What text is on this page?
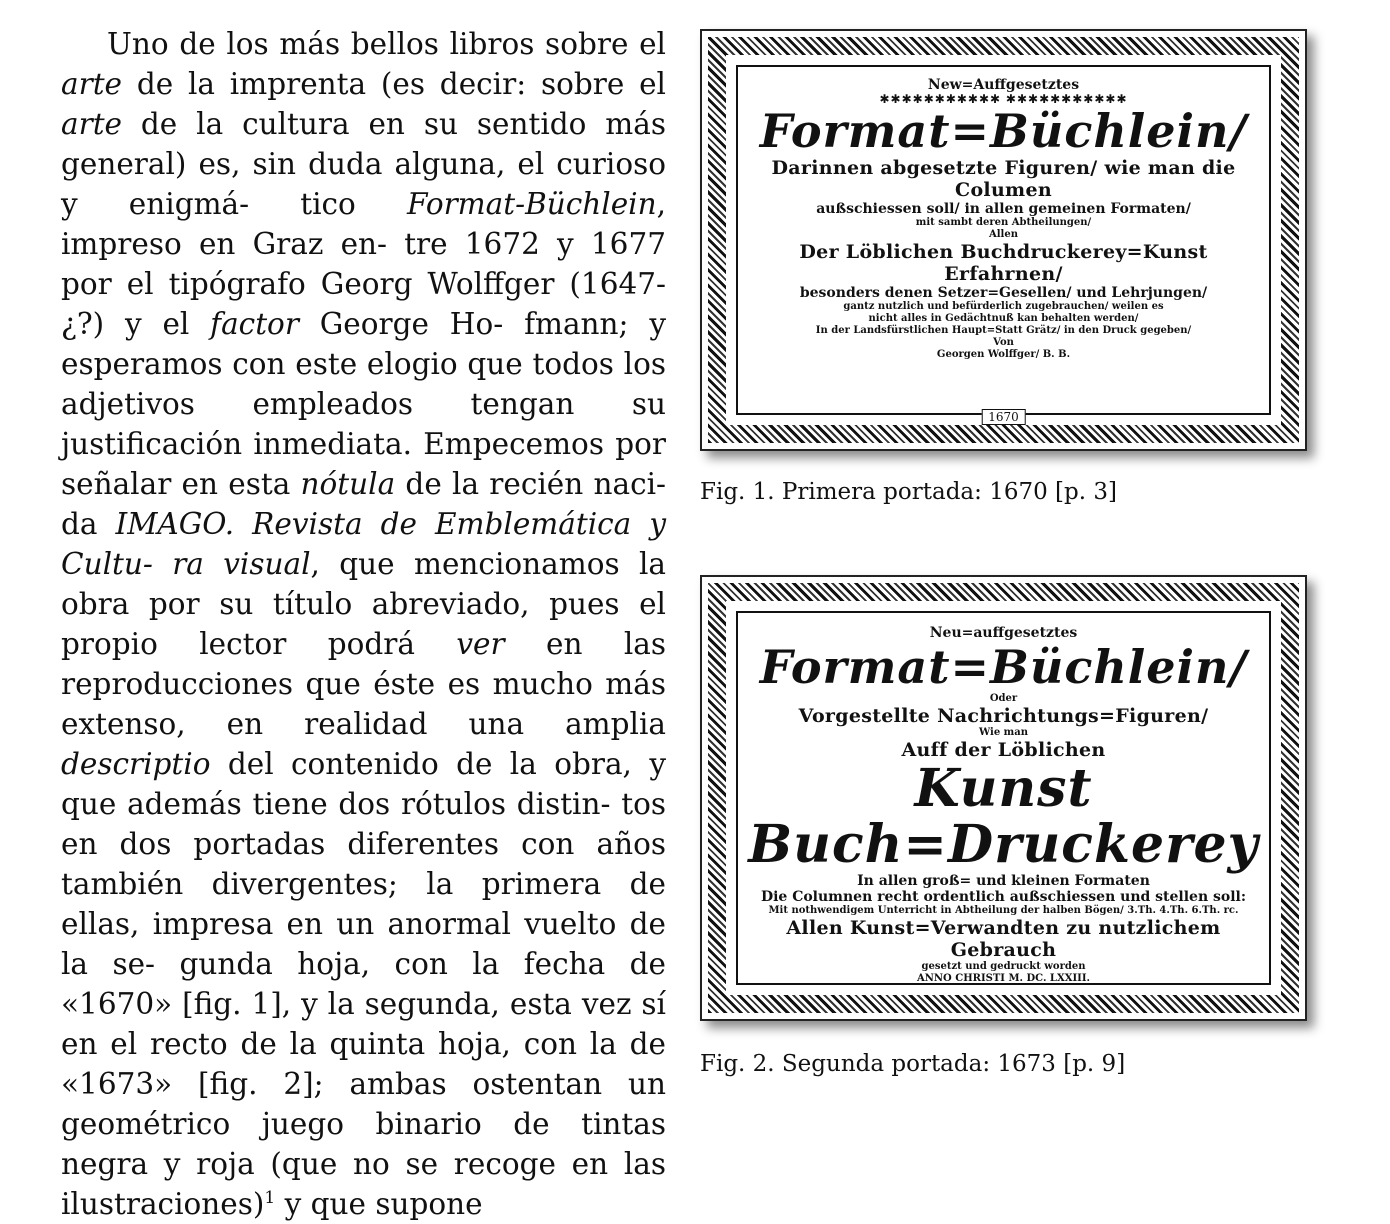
Uno de los más bellos libros sobre el arte de la imprenta (es decir: sobre el arte de la cultura en su sentido más general) es, sin duda alguna, el curioso y enigmá- tico Format-Büchlein, impreso en Graz en- tre 1672 y 1677 por el tipógrafo Georg Wolffger (1647-¿?) y el factor George Ho- fmann; y esperamos con este elogio que todos los adjetivos empleados tengan su justificación inmediata. Empecemos por señalar en esta nótula de la recién naci- da IMAGO. Revista de Emblemática y Cultu- ra visual, que mencionamos la obra por su título abreviado, pues el propio lector podrá ver en las reproducciones que éste es mucho más extenso, en realidad una amplia descriptio del contenido de la obra, y que además tiene dos rótulos distin- tos en dos portadas diferentes con años también divergentes; la primera de ellas, impresa en un anormal vuelto de la se- gunda hoja, con la fecha de «1670» [fig. 1], y la segunda, esta vez sí en el recto de la quinta hoja, con la de «1673» [fig. 2]; ambas ostentan un geométrico juego binario de tintas negra y roja (que no se recoge en las ilustraciones)$^1$ y que supone

New=Auffgesetztes
✱✱✱✱✱✱✱✱✱✱✱ ✱✱✱✱✱✱✱✱✱✱✱
Format=Büchlein/
Darinnen abgesetzte Figuren/ wie man die Columen
außschiessen soll/ in allen gemeinen Formaten/
mit sambt deren Abtheilungen/
Allen
Der Löblichen Buchdruckerey=Kunst Erfahrnen/
besonders denen Setzer=Gesellen/ und Lehrjungen/
gantz nutzlich und befürderlich zugebrauchen/ weilen es
nicht alles in Gedächtnuß kan behalten werden/
In der Landsfürstlichen Haupt=Statt Grätz/ in den Druck gegeben/
Von
Georgen Wolffger/ B. B.
1670
Fig. 1. Primera portada: 1670 [p. 3]
Neu=auffgesetztes
Format=Büchlein/
Oder
Vorgestellte Nachrichtungs=Figuren/
Wie man
Auff der Löblichen
Kunst Buch=Druckerey
In allen groß= und kleinen Formaten
Die Columnen recht ordentlich außschiessen und stellen soll:
Mit nothwendigem Unterricht in Abtheilung der halben Bögen/ 3.Th. 4.Th. 6.Th. rc.
Allen Kunst=Verwandten zu nutzlichem Gebrauch
gesetzt und gedruckt worden
ANNO CHRISTI M. DC. LXXIII.
Fig. 2. Segunda portada: 1673 [p. 9]
